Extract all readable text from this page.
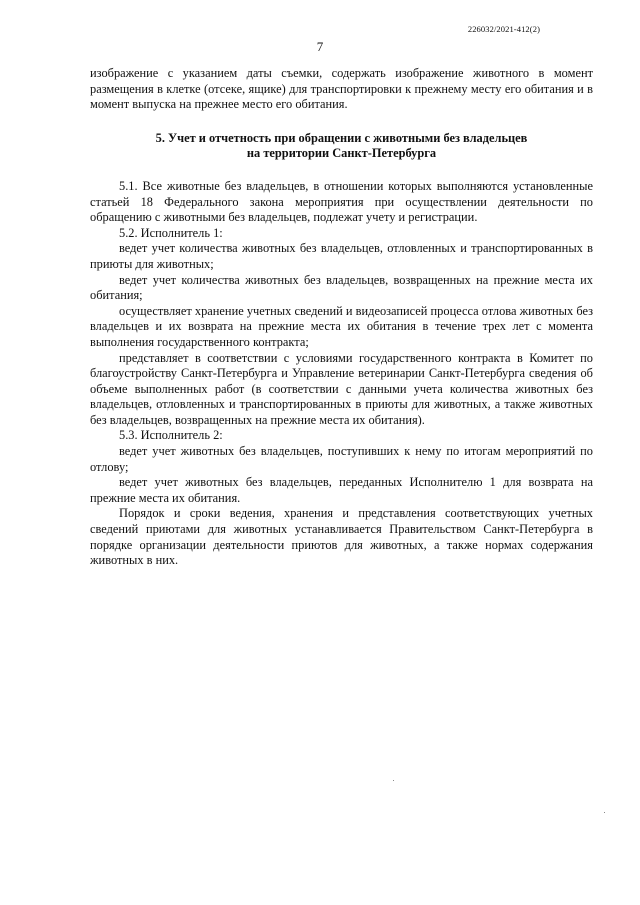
226032/2021-412(2)
7

изображение с указанием даты съемки, содержать изображение животного в момент размещения в клетке (отсеке, ящике) для транспортировки к прежнему месту его обитания и в момент выпуска на прежнее место его обитания.

5. Учет и отчетность при обращении с животными без владельцев
на территории Санкт-Петербурга

5.1. Все животные без владельцев, в отношении которых выполняются установленные статьей 18 Федерального закона мероприятия при осуществлении деятельности по обращению с животными без владельцев, подлежат учету и регистрации.

5.2. Исполнитель 1:

ведет учет количества животных без владельцев, отловленных и транспортированных в приюты для животных;

ведет учет количества животных без владельцев, возвращенных на прежние места их обитания;

осуществляет хранение учетных сведений и видеозаписей процесса отлова животных без владельцев и их возврата на прежние места их обитания в течение трех лет с момента выполнения государственного контракта;

представляет в соответствии с условиями государственного контракта в Комитет по благоустройству Санкт-Петербурга и Управление ветеринарии Санкт-Петербурга сведения об объеме выполненных работ (в соответствии с данными учета количества животных без владельцев, отловленных и транспортированных в приюты для животных, а также животных без владельцев, возвращенных на прежние места их обитания).

5.3. Исполнитель 2:

ведет учет животных без владельцев, поступивших к нему по итогам мероприятий по отлову;

ведет учет животных без владельцев, переданных Исполнителю 1 для возврата на прежние места их обитания.

Порядок и сроки ведения, хранения и представления соответствующих учетных сведений приютами для животных устанавливается Правительством Санкт-Петербурга в порядке организации деятельности приютов для животных, а также нормах содержания животных в них.
